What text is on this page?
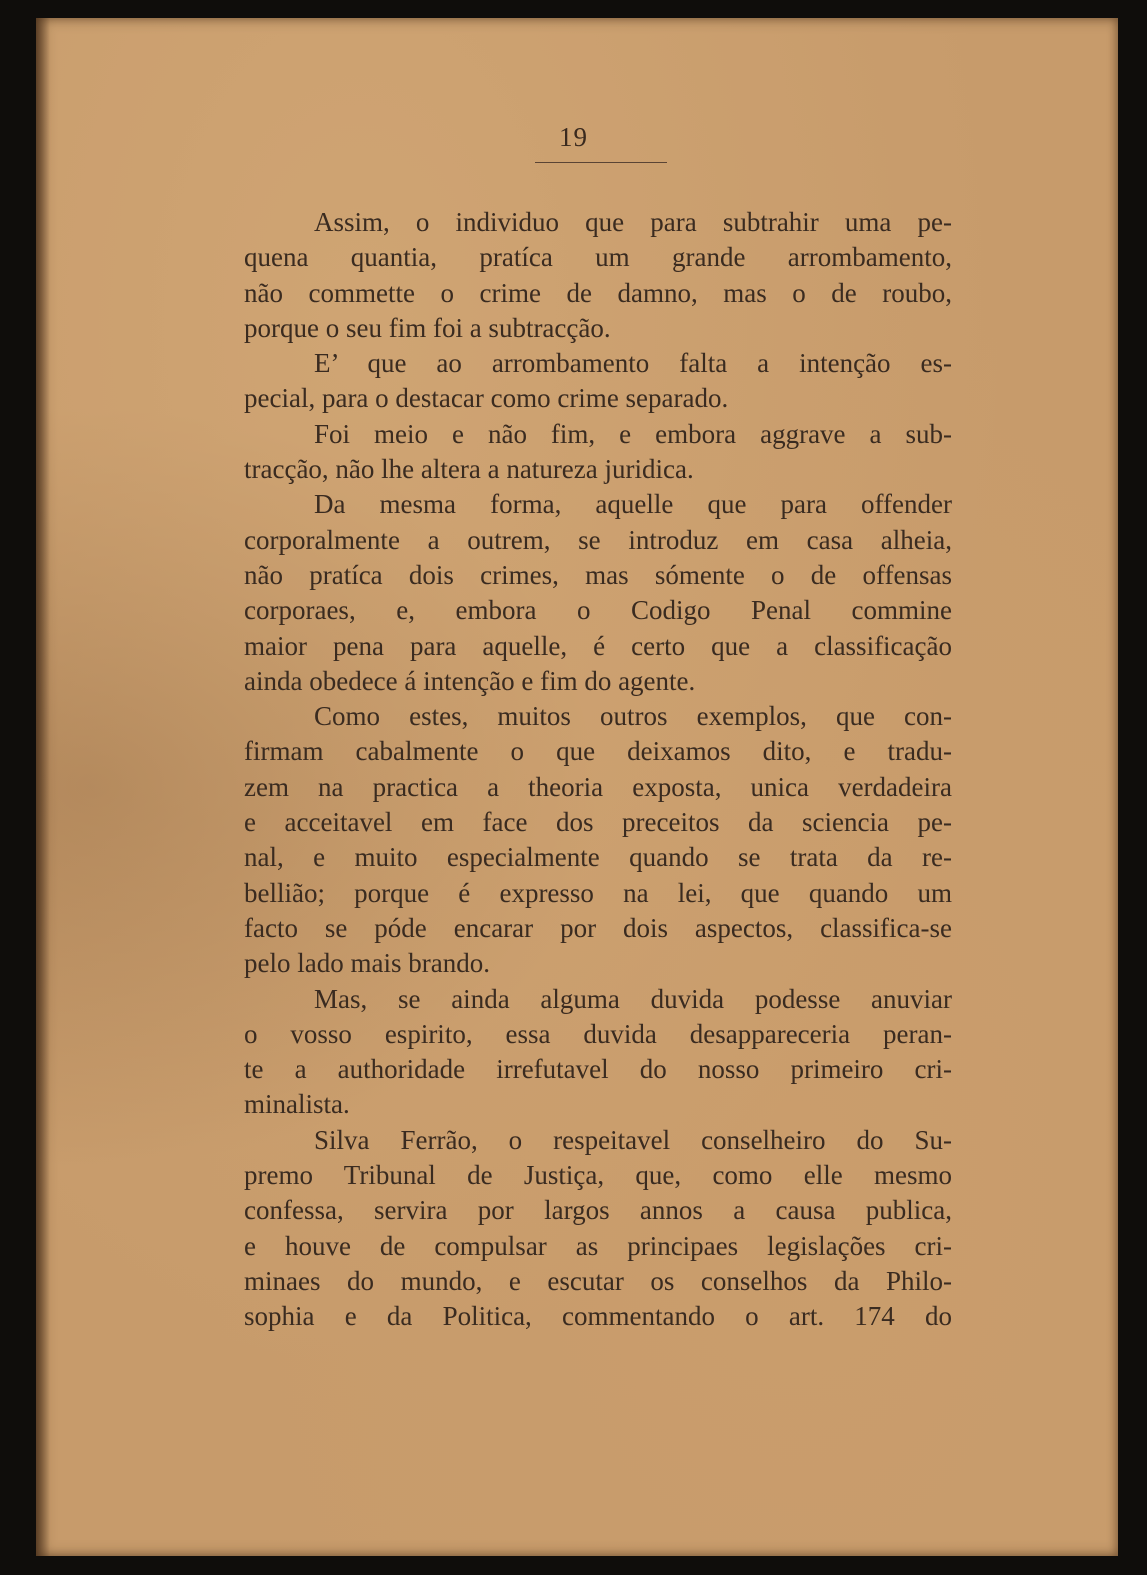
19
Assim, o individuo que para subtrahir uma pe-
quena quantia, pratíca um grande arrombamento,
não commette o crime de damno, mas o de roubo,
porque o seu fim foi a subtracção.
E’ que ao arrombamento falta a intenção es-
pecial, para o destacar como crime separado.
Foi meio e não fim, e embora aggrave a sub-
tracção, não lhe altera a natureza juridica.
Da mesma forma, aquelle que para offender
corporalmente a outrem, se introduz em casa alheia,
não pratíca dois crimes, mas sómente o de offensas
corporaes, e, embora o Codigo Penal commine
maior pena para aquelle, é certo que a classificação
ainda obedece á intenção e fim do agente.
Como estes, muitos outros exemplos, que con-
firmam cabalmente o que deixamos dito, e tradu-
zem na practica a theoria exposta, unica verdadeira
e acceitavel em face dos preceitos da sciencia pe-
nal, e muito especialmente quando se trata da re-
bellião; porque é expresso na lei, que quando um
facto se póde encarar por dois aspectos, classifica-se
pelo lado mais brando.
Mas, se ainda alguma duvida podesse anuviar
o vosso espirito, essa duvida desappareceria peran-
te a authoridade irrefutavel do nosso primeiro cri-
minalista.
Silva Ferrão, o respeitavel conselheiro do Su-
premo Tribunal de Justiça, que, como elle mesmo
confessa, servira por largos annos a causa publica,
e houve de compulsar as principaes legislações cri-
minaes do mundo, e escutar os conselhos da Philo-
sophia e da Politica, commentando o art. 174 do
